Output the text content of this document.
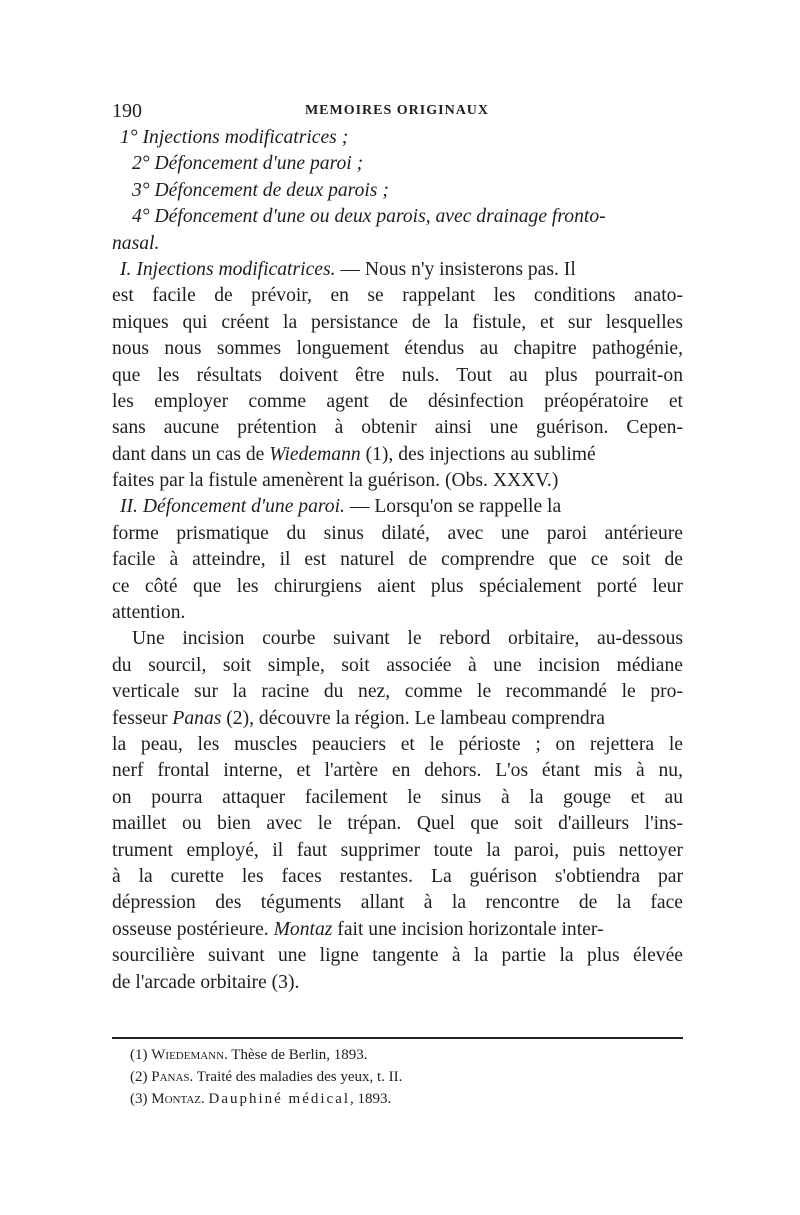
190	MEMOIRES ORIGINAUX
1° Injections modificatrices ;
2° Défoncement d'une paroi ;
3° Défoncement de deux parois ;
4° Défoncement d'une ou deux parois, avec drainage fronto-
nasal.
I. Injections modificatrices. — Nous n'y insisterons pas. Il
est facile de prévoir, en se rappelant les conditions anato-
miques qui créent la persistance de la fistule, et sur lesquelles
nous nous sommes longuement étendus au chapitre pathogénie,
que les résultats doivent être nuls. Tout au plus pourrait-on
les employer comme agent de désinfection préopératoire et
sans aucune prétention à obtenir ainsi une guérison. Cepen-
dant dans un cas de Wiedemann (1), des injections au sublimé
faites par la fistule amenèrent la guérison. (Obs. XXXV.)
II. Défoncement d'une paroi. — Lorsqu'on se rappelle la
forme prismatique du sinus dilaté, avec une paroi antérieure
facile à atteindre, il est naturel de comprendre que ce soit de
ce côté que les chirurgiens aient plus spécialement porté leur
attention.
Une incision courbe suivant le rebord orbitaire, au-dessous
du sourcil, soit simple, soit associée à une incision médiane
verticale sur la racine du nez, comme le recommandé le pro-
fesseur Panas (2), découvre la région. Le lambeau comprendra
la peau, les muscles peauciers et le périoste ; on rejettera le
nerf frontal interne, et l'artère en dehors. L'os étant mis à nu,
on pourra attaquer facilement le sinus à la gouge et au
maillet ou bien avec le trépan. Quel que soit d'ailleurs l'ins-
trument employé, il faut supprimer toute la paroi, puis nettoyer
à la curette les faces restantes. La guérison s'obtiendra par
dépression des téguments allant à la rencontre de la face
osseuse postérieure. Montaz fait une incision horizontale inter-
sourcilière suivant une ligne tangente à la partie la plus élevée
de l'arcade orbitaire (3).
(1) Wiedemann. Thèse de Berlin, 1893.
(2) Panas. Traité des maladies des yeux, t. II.
(3) Montaz. Dauphiné médical, 1893.
